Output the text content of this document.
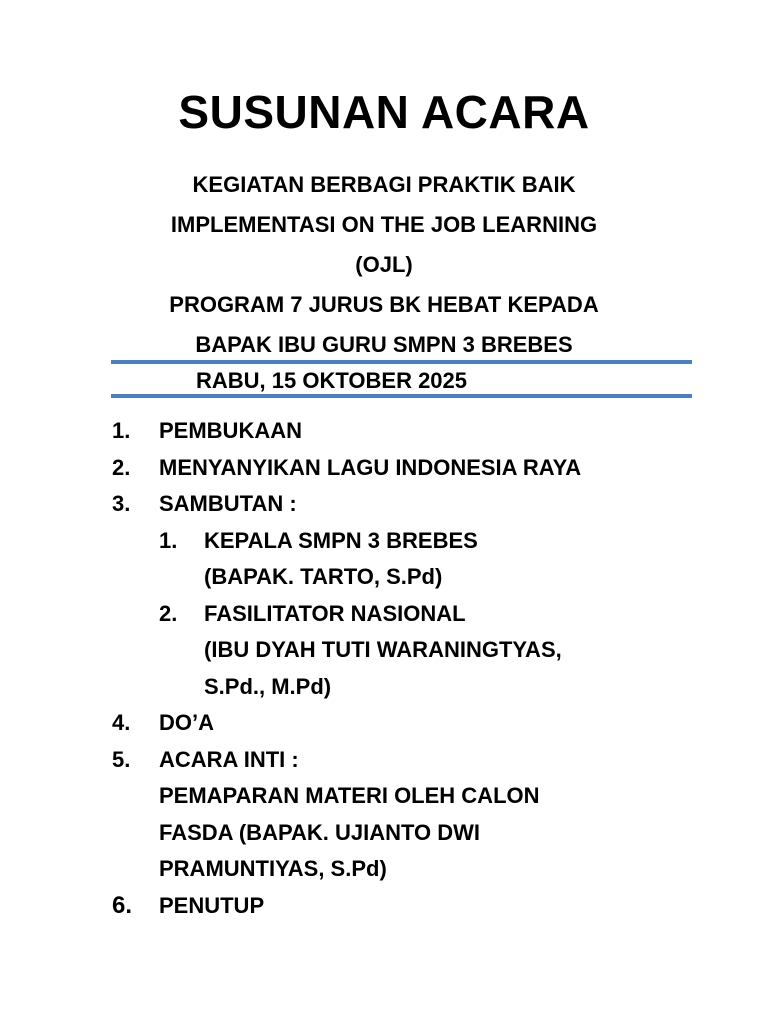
SUSUNAN ACARA
KEGIATAN BERBAGI PRAKTIK BAIK
IMPLEMENTASI ON THE JOB LEARNING
(OJL)
PROGRAM 7 JURUS BK HEBAT KEPADA
BAPAK IBU GURU SMPN 3 BREBES
RABU, 15 OKTOBER 2025
1. PEMBUKAAN
2. MENYANYIKAN LAGU INDONESIA RAYA
3. SAMBUTAN :
1. KEPALA SMPN 3 BREBES
(BAPAK. TARTO, S.Pd)
2. FASILITATOR NASIONAL
(IBU DYAH TUTI WARANINGTYAS,
S.Pd., M.Pd)
4. DO’A
5. ACARA INTI :
PEMAPARAN MATERI OLEH CALON
FASDA (BAPAK. UJIANTO DWI
PRAMUNTIYAS, S.Pd)
6. PENUTUP
